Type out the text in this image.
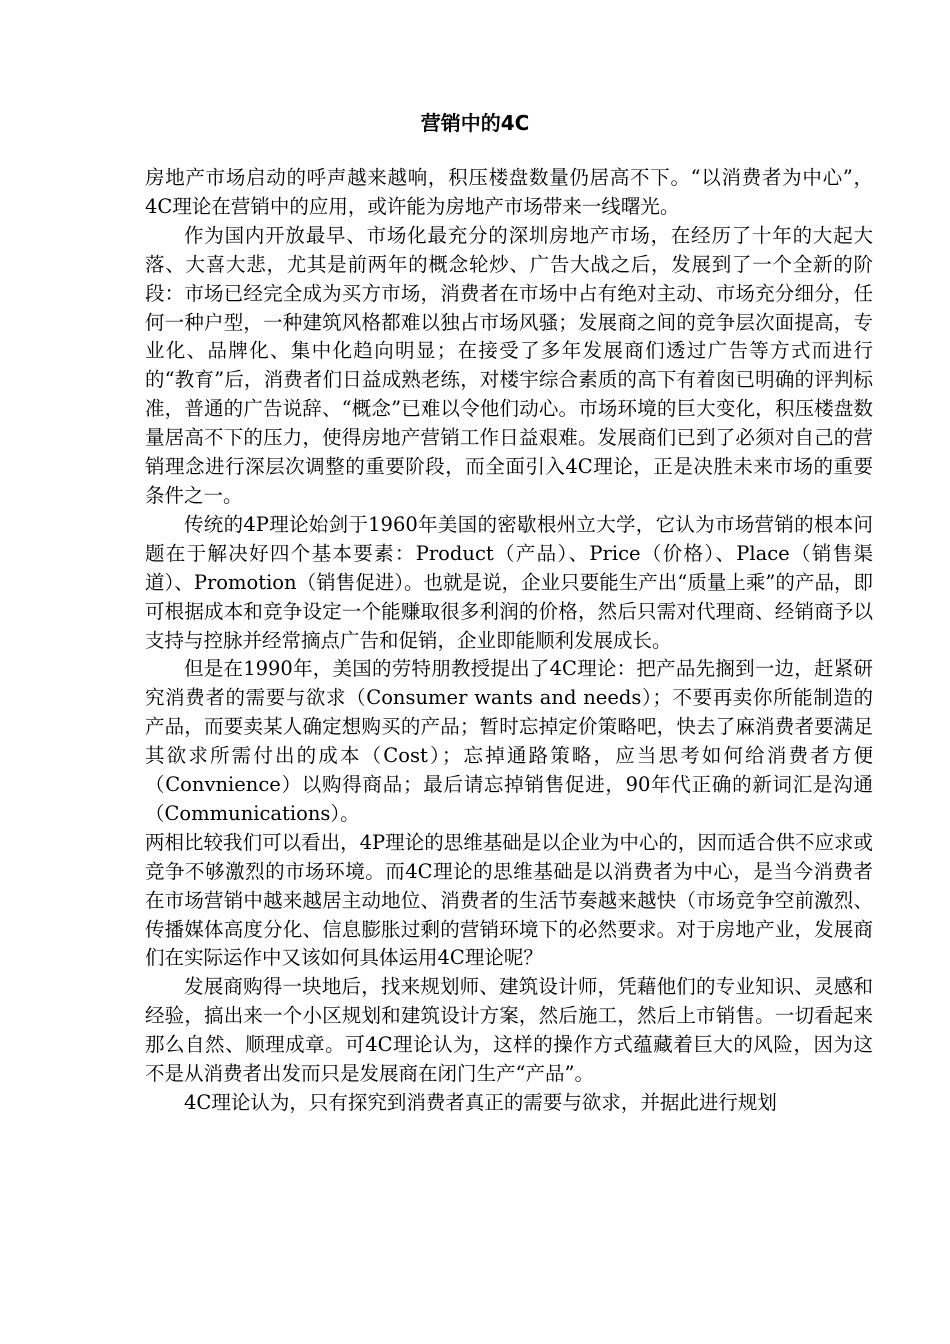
营销中的4C

房地产市场启动的呼声越来越响，积压楼盘数量仍居高不下。“以消费者为中心”，4C理论在营销中的应用，或许能为房地产市场带来一线曙光。

作为国内开放最早、市场化最充分的深圳房地产市场，在经历了十年的大起大落、大喜大悲，尤其是前两年的概念轮炒、广告大战之后，发展到了一个全新的阶段：市场已经完全成为买方市场，消费者在市场中占有绝对主动、市场充分细分，任何一种户型，一种建筑风格都难以独占市场风骚；发展商之间的竞争层次面提高，专业化、品牌化、集中化趋向明显；在接受了多年发展商们透过广告等方式而进行的“教育”后，消费者们日益成熟老练，对楼宇综合素质的高下有着囱已明确的评判标准，普通的广告说辞、“概念”已难以令他们动心。市场环境的巨大变化，积压楼盘数量居高不下的压力，使得房地产营销工作日益艰难。发展商们已到了必须对自己的营销理念进行深层次调整的重要阶段，而全面引入4C理论，正是决胜未来市场的重要条件之一。

传统的4P理论始剑于1960年美国的密歇根州立大学，它认为市场营销的根本问题在于解决好四个基本要素：Product（产品）、Price（价格）、Place（销售渠道）、Promotion（销售促进）。也就是说，企业只要能生产出“质量上乘”的产品，即可根据成本和竞争设定一个能赚取很多利润的价格，然后只需对代理商、经销商予以支持与控脉并经常摘点广告和促销，企业即能顺利发展成长。

但是在1990年，美国的劳特朋教授提出了4C理论：把产品先搁到一边，赶紧研究消费者的需要与欲求（Consumer wants and needs）；不要再卖你所能制造的产品，而要卖某人确定想购买的产品；暂时忘掉定价策略吧，快去了麻消费者要满足其欲求所需付出的成本（Cost）；忘掉通路策略，应当思考如何给消费者方便（Convnience）以购得商品；最后请忘掉销售促进，90年代正确的新词汇是沟通（Communications）。

两相比较我们可以看出，4P理论的思维基础是以企业为中心的，因而适合供不应求或竞争不够激烈的市场环境。而4C理论的思维基础是以消费者为中心，是当今消费者在市场营销中越来越居主动地位、消费者的生活节奏越来越快（市场竞争空前激烈、传播媒体高度分化、信息膨胀过剩的营销环境下的必然要求。对于房地产业，发展商们在实际运作中又该如何具体运用4C理论呢？

发展商购得一块地后，找来规划师、建筑设计师，凭藉他们的专业知识、灵感和经验，搞出来一个小区规划和建筑设计方案，然后施工，然后上市销售。一切看起来那么自然、顺理成章。可4C理论认为，这样的操作方式蕴藏着巨大的风险，因为这不是从消费者出发而只是发展商在闭门生产“产品”。

4C理论认为，只有探究到消费者真正的需要与欲求，并据此进行规划
